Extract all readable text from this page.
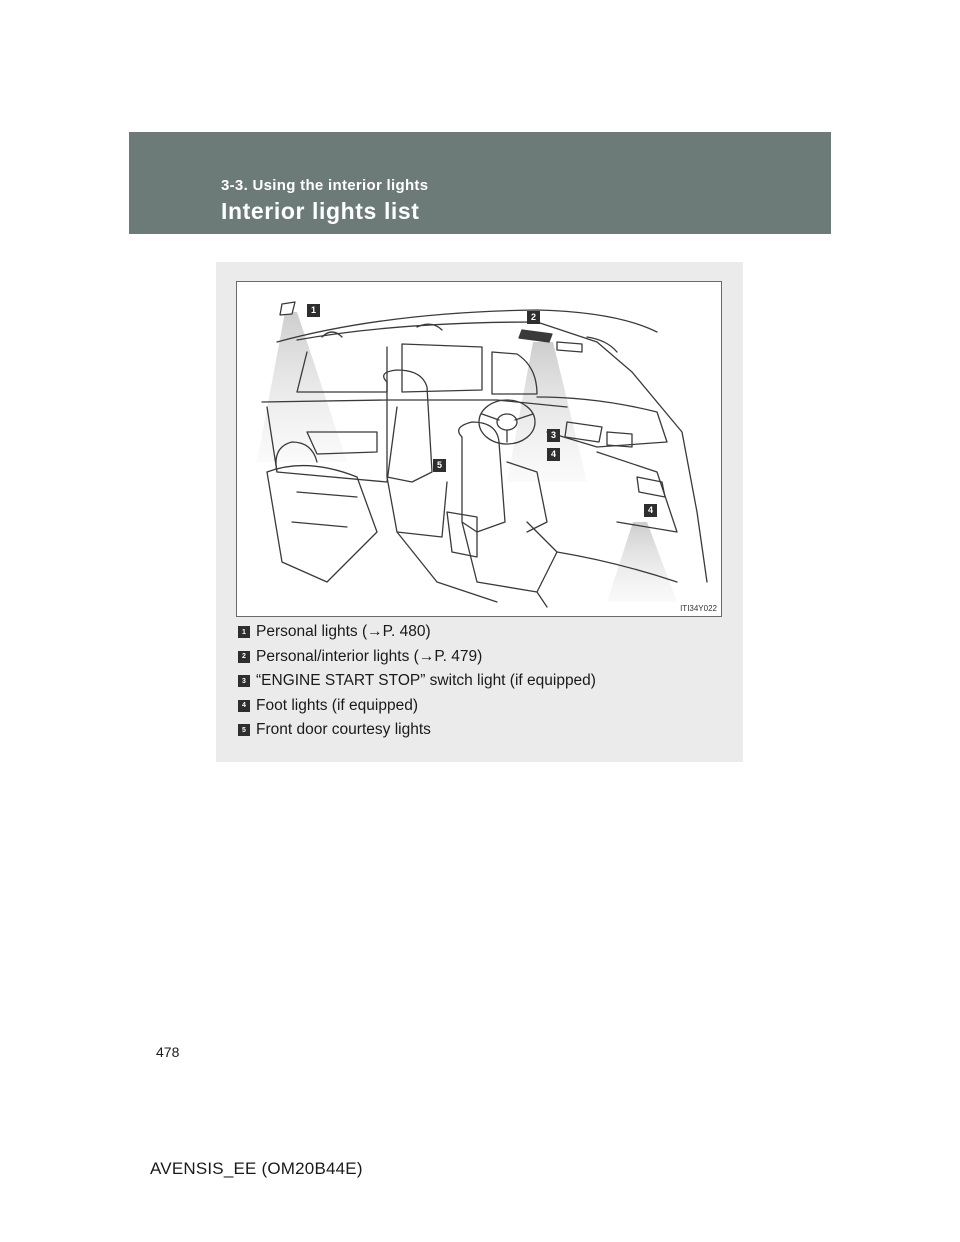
3-3. Using the interior lights
Interior lights list
1
2
3
4
4
5
ITI34Y022
1 Personal lights (→P. 480)
2 Personal/interior lights (→P. 479)
3 “ENGINE START STOP” switch light (if equipped)
4 Foot lights (if equipped)
5 Front door courtesy lights
478
AVENSIS_EE (OM20B44E)
